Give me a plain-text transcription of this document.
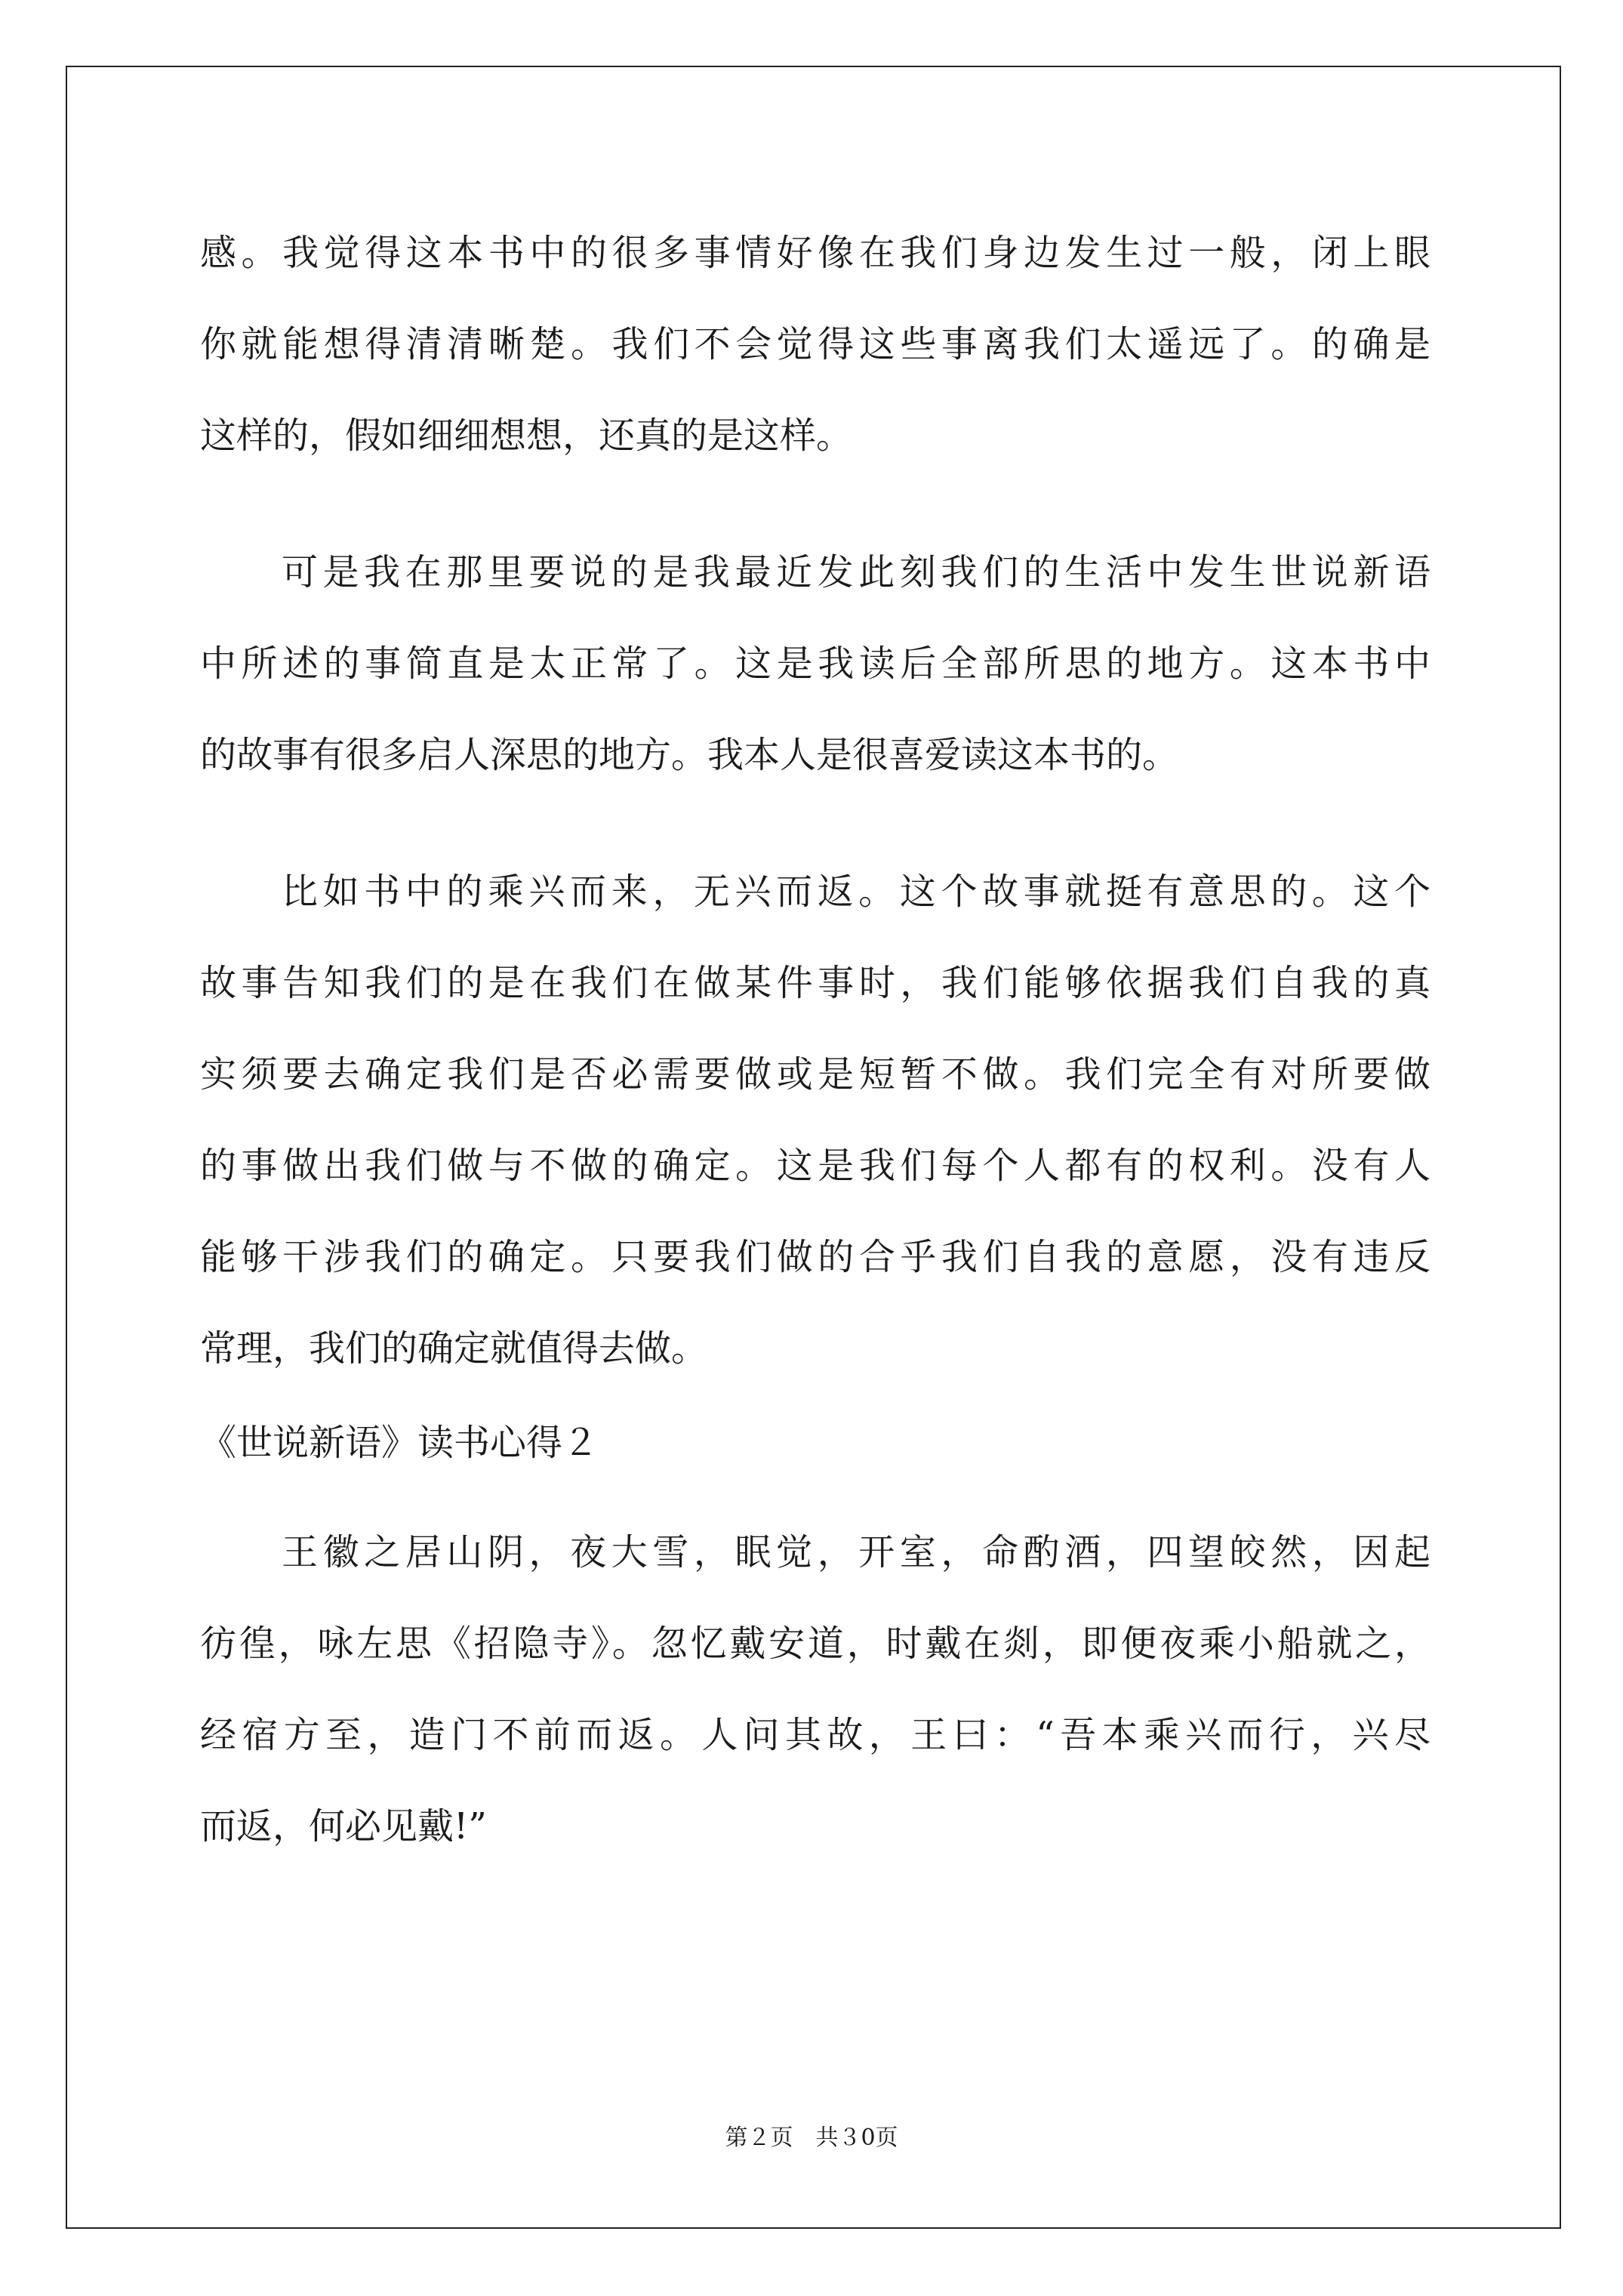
感。我觉得这本书中的很多事情好像在我们身边发生过一般，闭上眼
你就能想得清清晰楚。我们不会觉得这些事离我们太遥远了。的确是
这样的，假如细细想想，还真的是这样。
可是我在那里要说的是我最近发此刻我们的生活中发生世说新语
中所述的事简直是太正常了。这是我读后全部所思的地方。这本书中
的故事有很多启人深思的地方。我本人是很喜爱读这本书的。
比如书中的乘兴而来，无兴而返。这个故事就挺有意思的。这个
故事告知我们的是在我们在做某件事时，我们能够依据我们自我的真
实须要去确定我们是否必需要做或是短暂不做。我们完全有对所要做
的事做出我们做与不做的确定。这是我们每个人都有的权利。没有人
能够干涉我们的确定。只要我们做的合乎我们自我的意愿，没有违反
常理，我们的确定就值得去做。
《世说新语》读书心得２
王徽之居山阴，夜大雪，眠觉，开室，命酌酒，四望皎然，因起
彷徨，咏左思《招隐寺》。忽忆戴安道，时戴在剡，即便夜乘小船就之，
经宿方至，造门不前而返。人问其故，王曰：“吾本乘兴而行，兴尽
而返，何必见戴!”
第２页　共３0页
